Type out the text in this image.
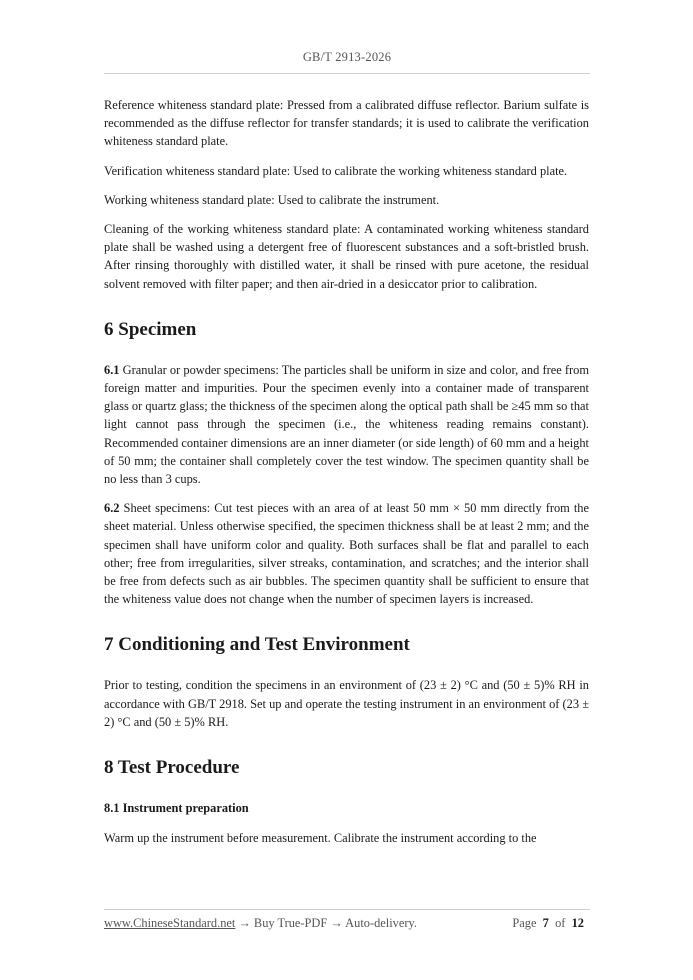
GB/T 2913-2026

Reference whiteness standard plate: Pressed from a calibrated diffuse reflector. Barium sulfate is recommended as the diffuse reflector for transfer standards; it is used to calibrate the verification whiteness standard plate.

Verification whiteness standard plate: Used to calibrate the working whiteness standard plate.

Working whiteness standard plate: Used to calibrate the instrument.

Cleaning of the working whiteness standard plate: A contaminated working whiteness standard plate shall be washed using a detergent free of fluorescent substances and a soft-bristled brush. After rinsing thoroughly with distilled water, it shall be rinsed with pure acetone, the residual solvent removed with filter paper; and then air-dried in a desiccator prior to calibration.

6 Specimen

6.1 Granular or powder specimens: The particles shall be uniform in size and color, and free from foreign matter and impurities. Pour the specimen evenly into a container made of transparent glass or quartz glass; the thickness of the specimen along the optical path shall be ≥45 mm so that light cannot pass through the specimen (i.e., the whiteness reading remains constant). Recommended container dimensions are an inner diameter (or side length) of 60 mm and a height of 50 mm; the container shall completely cover the test window. The specimen quantity shall be no less than 3 cups.

6.2 Sheet specimens: Cut test pieces with an area of at least 50 mm × 50 mm directly from the sheet material. Unless otherwise specified, the specimen thickness shall be at least 2 mm; and the specimen shall have uniform color and quality. Both surfaces shall be flat and parallel to each other; free from irregularities, silver streaks, contamination, and scratches; and the interior shall be free from defects such as air bubbles. The specimen quantity shall be sufficient to ensure that the whiteness value does not change when the number of specimen layers is increased.

7 Conditioning and Test Environment

Prior to testing, condition the specimens in an environment of (23 ± 2) °C and (50 ± 5)% RH in accordance with GB/T 2918. Set up and operate the testing instrument in an environment of (23 ± 2) °C and (50 ± 5)% RH.

8 Test Procedure
8.1 Instrument preparation

Warm up the instrument before measurement. Calibrate the instrument according to the

www.ChineseStandard.net → Buy True-PDF → Auto-delivery.	Page 7 of 12
